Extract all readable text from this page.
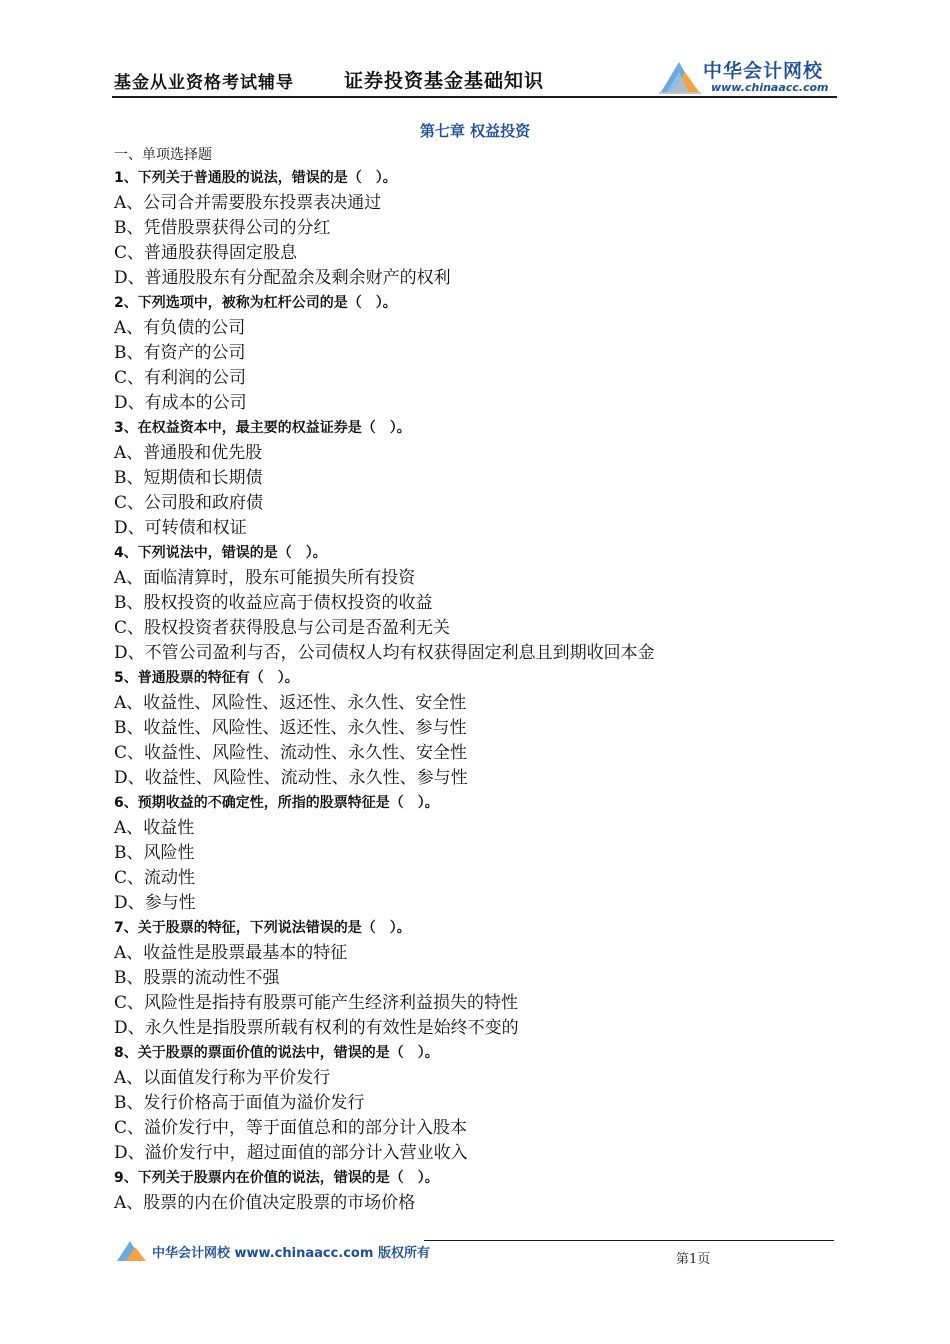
基金从业资格考试辅导	证券投资基金基础知识	中华会计网校
www.chinaacc.com
第七章 权益投资
一、单项选择题
1、下列关于普通股的说法，错误的是（　）。
A、公司合并需要股东投票表决通过
B、凭借股票获得公司的分红
C、普通股获得固定股息
D、普通股股东有分配盈余及剩余财产的权利
2、下列选项中，被称为杠杆公司的是（　）。
A、有负债的公司
B、有资产的公司
C、有利润的公司
D、有成本的公司
3、在权益资本中，最主要的权益证券是（　）。
A、普通股和优先股
B、短期债和长期债
C、公司股和政府债
D、可转债和权证
4、下列说法中，错误的是（　）。
A、面临清算时，股东可能损失所有投资
B、股权投资的收益应高于债权投资的收益
C、股权投资者获得股息与公司是否盈利无关
D、不管公司盈利与否，公司债权人均有权获得固定利息且到期收回本金
5、普通股票的特征有（　）。
A、收益性、风险性、返还性、永久性、安全性
B、收益性、风险性、返还性、永久性、参与性
C、收益性、风险性、流动性、永久性、安全性
D、收益性、风险性、流动性、永久性、参与性
6、预期收益的不确定性，所指的股票特征是（　）。
A、收益性
B、风险性
C、流动性
D、参与性
7、关于股票的特征，下列说法错误的是（　）。
A、收益性是股票最基本的特征
B、股票的流动性不强
C、风险性是指持有股票可能产生经济利益损失的特性
D、永久性是指股票所载有权利的有效性是始终不变的
8、关于股票的票面价值的说法中，错误的是（　）。
A、以面值发行称为平价发行
B、发行价格高于面值为溢价发行
C、溢价发行中，等于面值总和的部分计入股本
D、溢价发行中，超过面值的部分计入营业收入
9、下列关于股票内在价值的说法，错误的是（　）。
A、股票的内在价值决定股票的市场价格
中华会计网校 www.chinaacc.com 版权所有	第1页
